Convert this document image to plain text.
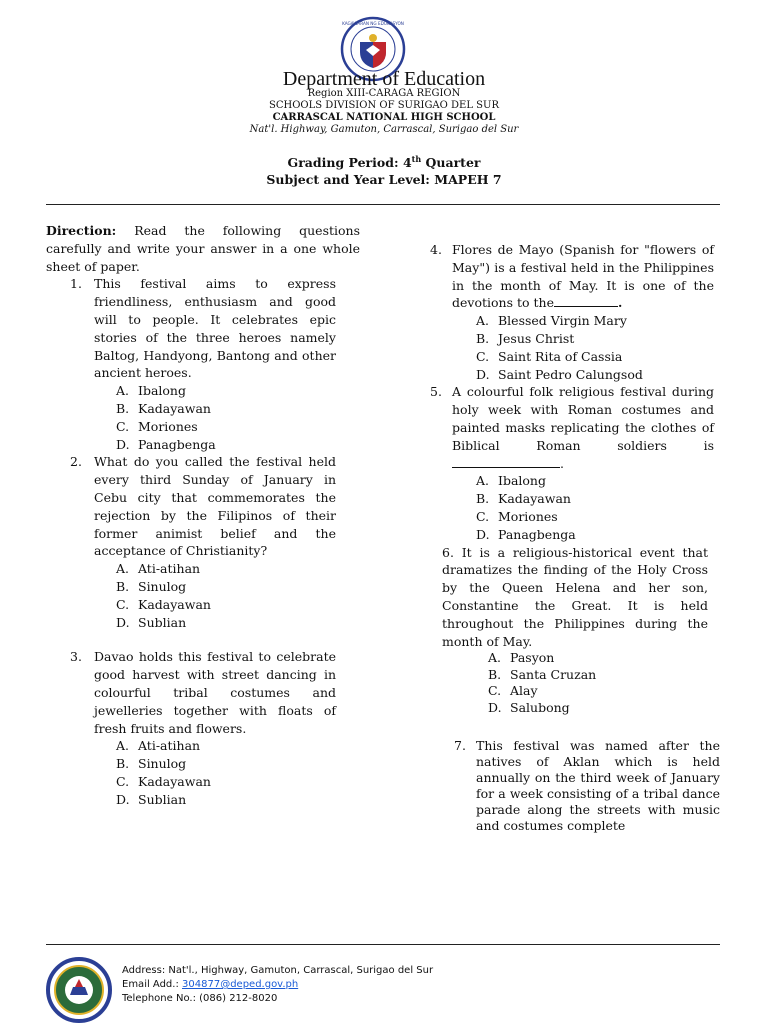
KAGAWARAN NG EDUKASYON
Department of Education
Region XIII-CARAGA REGION
SCHOOLS DIVISION OF SURIGAO DEL SUR
CARRASCAL NATIONAL HIGH SCHOOL
Nat'l. Highway, Gamuton, Carrascal, Surigao del Sur
Grading Period: 4th Quarter
Subject and Year Level: MAPEH 7
Direction: Read the following questions carefully and write your answer in a one whole sheet of paper.
1. This festival aims to express friendliness, enthusiasm and good will to people. It celebrates epic stories of the three heroes namely Baltog, Handyong, Bantong and other ancient heroes.
A. Ibalong
B. Kadayawan
C. Moriones
D. Panagbenga
2. What do you called the festival held every third Sunday of January in Cebu city that commemorates the rejection by the Filipinos of their former animist belief and the acceptance of Christianity?
A. Ati-atihan
B. Sinulog
C. Kadayawan
D. Sublian
3. Davao holds this festival to celebrate good harvest with street dancing in colourful tribal costumes and jewelleries together with floats of fresh fruits and flowers.
A. Ati-atihan
B. Sinulog
C. Kadayawan
D. Sublian
4. Flores de Mayo (Spanish for "flowers of May") is a festival held in the Philippines in the month of May. It is one of the devotions to the	.
A. Blessed Virgin Mary
B. Jesus Christ
C. Saint Rita of Cassia
D. Saint Pedro Calungsod
5. A colourful folk religious festival during holy week with Roman costumes and painted masks replicating the clothes of Biblical Roman soldiers is .
A. Ibalong
B. Kadayawan
C. Moriones
D. Panagbenga
6. It is a religious-historical event that dramatizes the finding of the Holy Cross by the Queen Helena and her son, Constantine the Great. It is held throughout the Philippines during the month of May.
A. Pasyon
B. Santa Cruzan
C. Alay
D. Salubong
7. This festival was named after the natives of Aklan which is held annually on the third week of January for a week consisting of a tribal dance parade along the streets with music and costumes complete
Address: Nat'l., Highway, Gamuton, Carrascal, Surigao del Sur
Email Add.: 304877@deped.gov.ph
Telephone No.: (086) 212-8020
